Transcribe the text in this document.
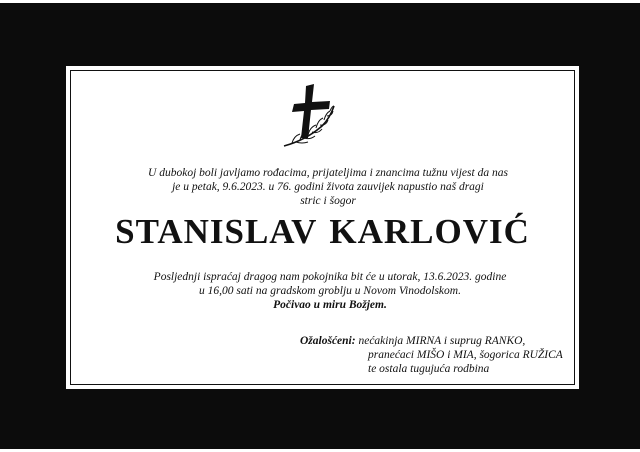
U dubokoj boli javljamo rođacima, prijateljima i znancima tužnu vijest da nas
je u petak, 9.6.2023. u 76. godini života zauvijek napustio naš dragi
stric i šogor
STANISLAV KARLOVIĆ
Posljednji ispraćaj dragog nam pokojnika bit će u utorak, 13.6.2023. godine
u 16,00 sati na gradskom groblju u Novom Vinodolskom.
Počivao u miru Božjem.
Ožalošćeni: nećakinja MIRNA i suprug RANKO,
pranećaci MIŠO i MIA, šogorica RUŽICA
te ostala tugujuća rodbina
